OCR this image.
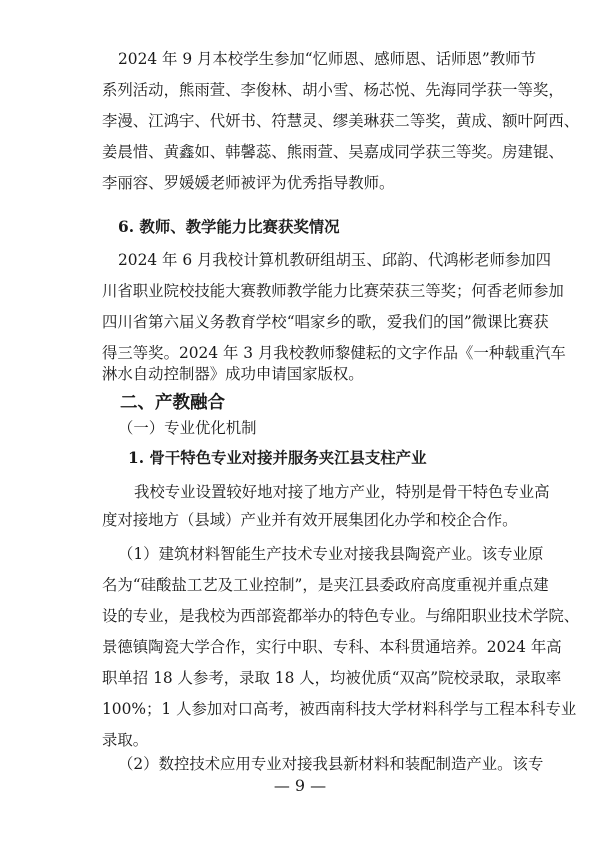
2024 年 9 月本校学生参加“忆师恩、感师恩、话师恩”教师节
系列活动，熊雨萱、李俊林、胡小雪、杨芯悦、先海同学获一等奖，
李漫、江鸿宇、代妍书、符慧灵、缪美琳获二等奖，黄成、额叶阿西、
姜晨惜、黄鑫如、韩馨蕊、熊雨萱、吴嘉成同学获三等奖。房建锟、
李丽容、罗媛媛老师被评为优秀指导教师。
6. 教师、教学能力比赛获奖情况
2024 年 6 月我校计算机教研组胡玉、邱韵、代鸿彬老师参加四
川省职业院校技能大赛教师教学能力比赛荣获三等奖；何香老师参加
四川省第六届义务教育学校“唱家乡的歌，爱我们的国”微课比赛获
得三等奖。2024 年 3 月我校教师黎健耘的文字作品《一种载重汽车
淋水自动控制器》成功申请国家版权。
二、产教融合
（一）专业优化机制
1. 骨干特色专业对接并服务夹江县支柱产业
我校专业设置较好地对接了地方产业，特别是骨干特色专业高
度对接地方（县域）产业并有效开展集团化办学和校企合作。
（1）建筑材料智能生产技术专业对接我县陶瓷产业。该专业原
名为“硅酸盐工艺及工业控制”，是夹江县委政府高度重视并重点建
设的专业，是我校为西部瓷都举办的特色专业。与绵阳职业技术学院、
景德镇陶瓷大学合作，实行中职、专科、本科贯通培养。2024 年高
职单招 18 人参考，录取 18 人，均被优质“双高”院校录取，录取率
100%；1 人参加对口高考，被西南科技大学材料科学与工程本科专业
录取。
（2）数控技术应用专业对接我县新材料和装配制造产业。该专
— 9 —
